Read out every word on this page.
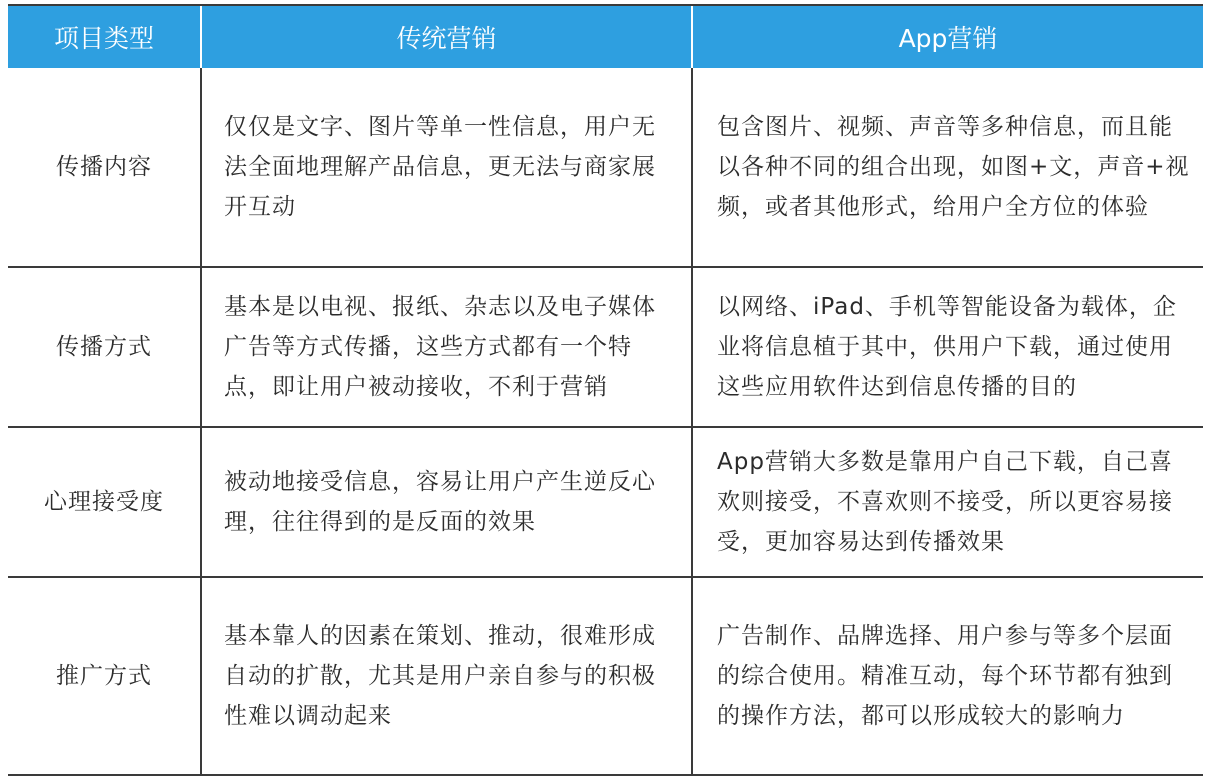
项目类型	传统营销	App营销
传播内容	仅仅是文字、图片等单一性信息，用户无法全面地理解产品信息，更无法与商家展开互动	包含图片、视频、声音等多种信息，而且能以各种不同的组合出现，如图+文，声音+视频，或者其他形式，给用户全方位的体验
传播方式	基本是以电视、报纸、杂志以及电子媒体广告等方式传播，这些方式都有一个特点，即让用户被动接收，不利于营销	以网络、iPad、手机等智能设备为载体，企业将信息植于其中，供用户下载，通过使用这些应用软件达到信息传播的目的
心理接受度	被动地接受信息，容易让用户产生逆反心理，往往得到的是反面的效果	App营销大多数是靠用户自己下载，自己喜欢则接受，不喜欢则不接受，所以更容易接受，更加容易达到传播效果
推广方式	基本靠人的因素在策划、推动，很难形成自动的扩散，尤其是用户亲自参与的积极性难以调动起来	广告制作、品牌选择、用户参与等多个层面的综合使用。精准互动，每个环节都有独到的操作方法，都可以形成较大的影响力
